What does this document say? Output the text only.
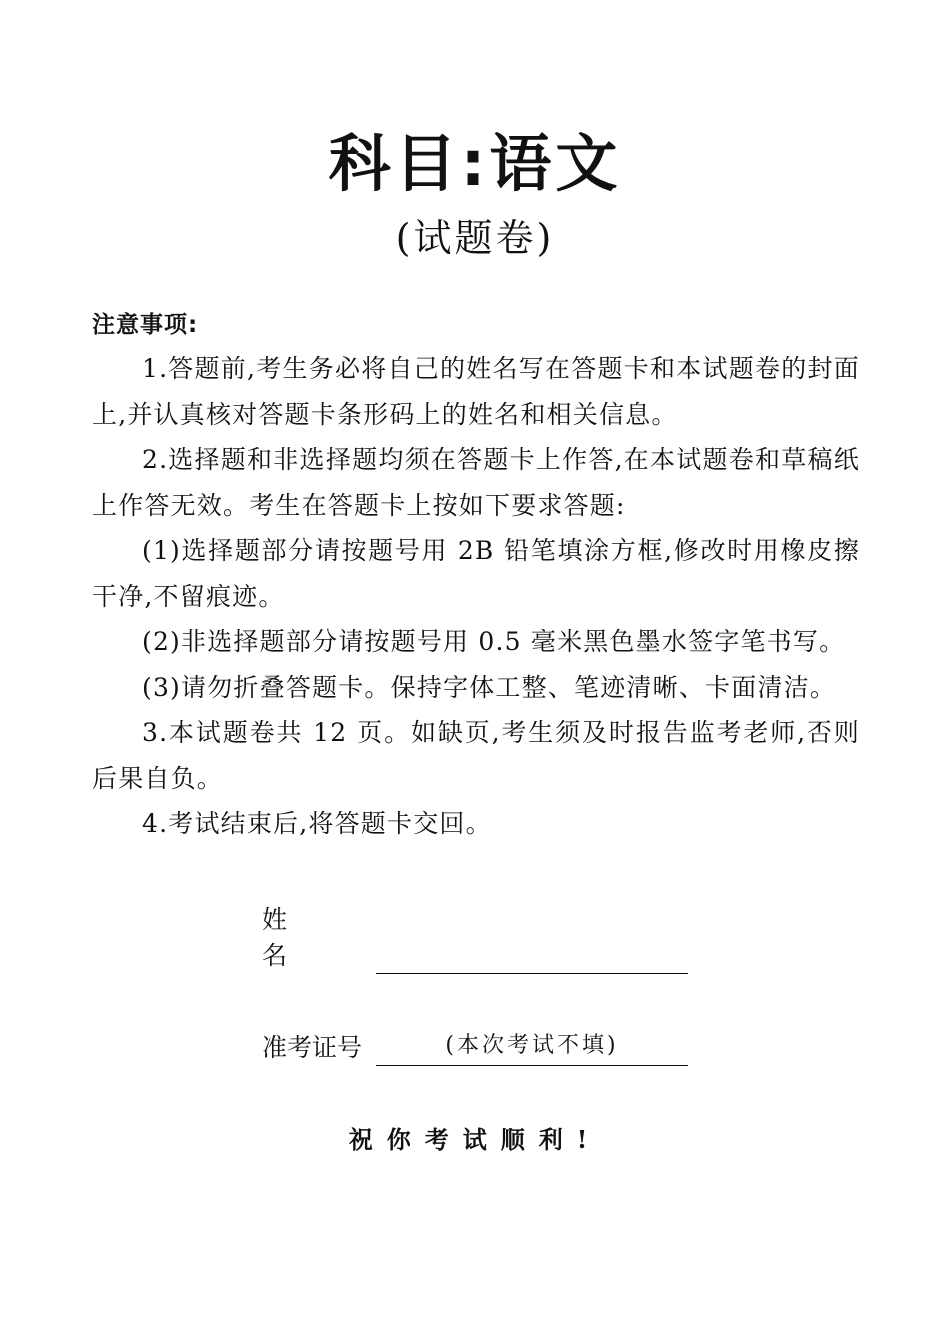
科目:语文
(试题卷)
注意事项:

1.答题前,考生务必将自己的姓名写在答题卡和本试题卷的封面上,并认真核对答题卡条形码上的姓名和相关信息。

2.选择题和非选择题均须在答题卡上作答,在本试题卷和草稿纸上作答无效。考生在答题卡上按如下要求答题:

(1)选择题部分请按题号用 2B 铅笔填涂方框,修改时用橡皮擦干净,不留痕迹。

(2)非选择题部分请按题号用 0.5 毫米黑色墨水签字笔书写。

(3)请勿折叠答题卡。保持字体工整、笔迹清晰、卡面清洁。

3.本试题卷共 12 页。如缺页,考生须及时报告监考老师,否则后果自负。

4.考试结束后,将答题卡交回。

姓名
准考证号	(本次考试不填)
祝你考试顺利!
